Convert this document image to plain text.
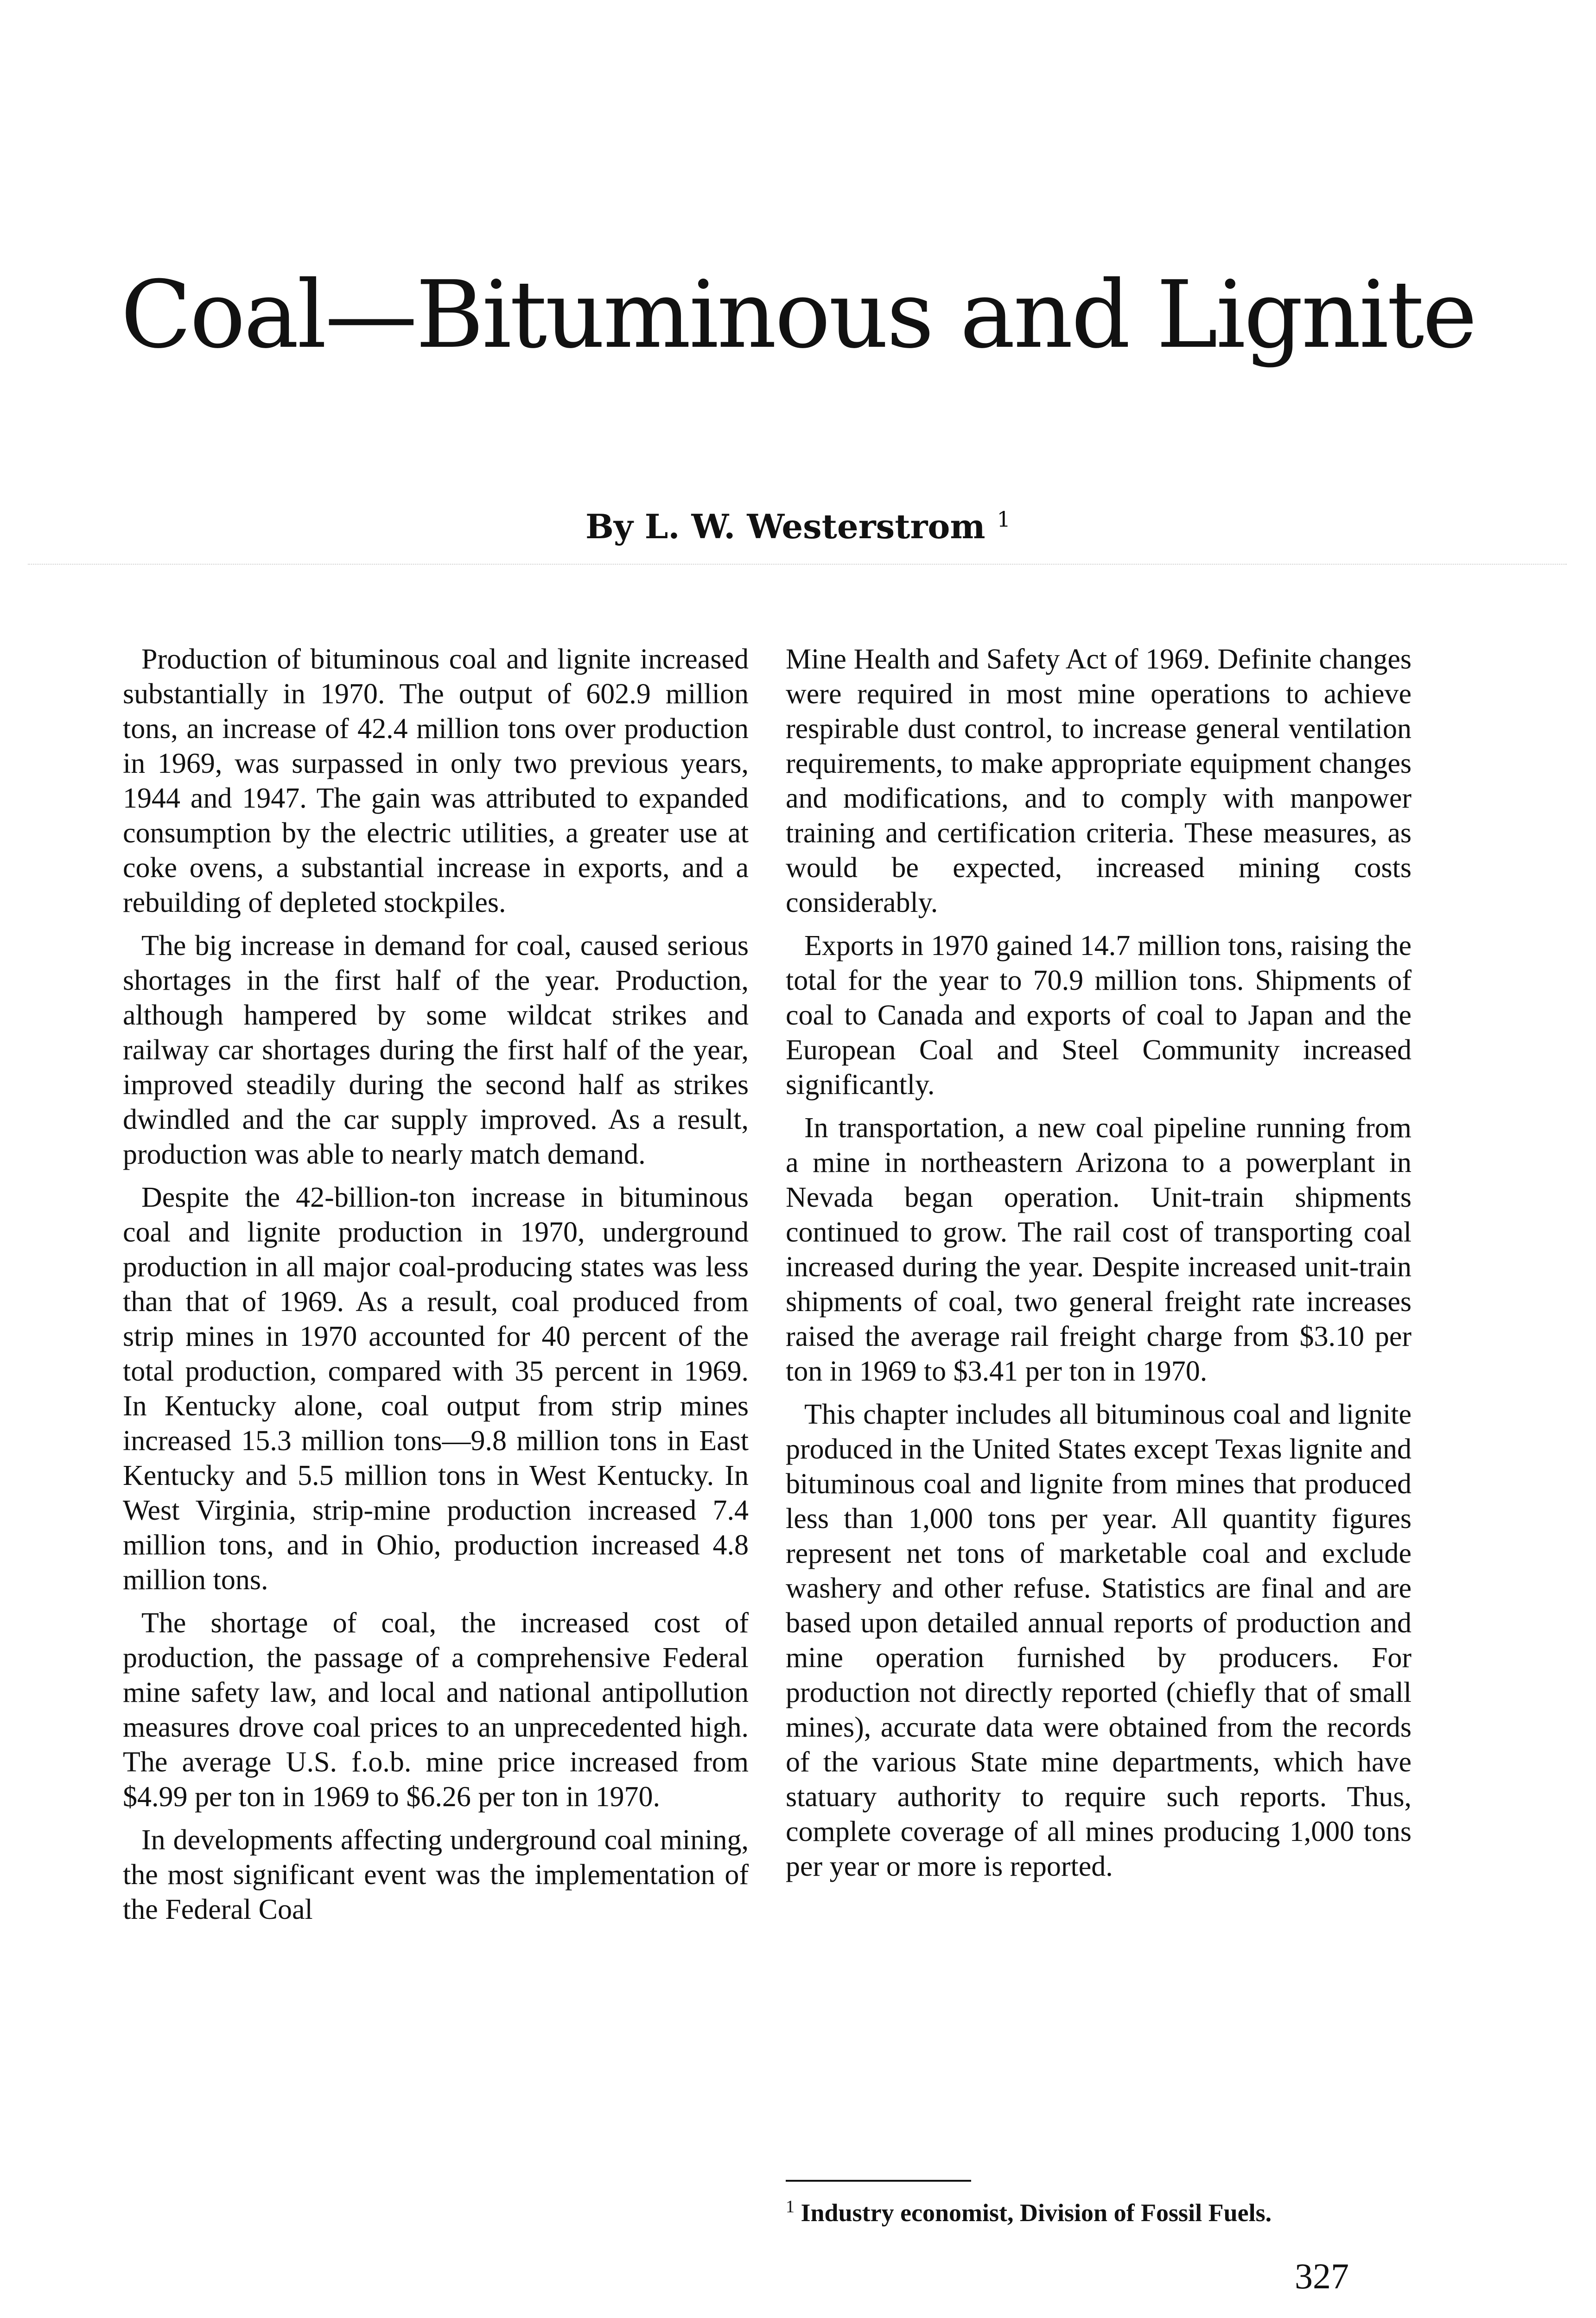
Coal—Bituminous and Lignite
By L. W. Westerstrom $^1$

Production of bituminous coal and lignite increased substantially in 1970. The output of 602.9 million tons, an increase of 42.4 million tons over production in 1969, was surpassed in only two previous years, 1944 and 1947. The gain was attributed to expanded consumption by the electric utilities, a greater use at coke ovens, a substantial increase in exports, and a rebuilding of depleted stockpiles.

The big increase in demand for coal, caused serious shortages in the first half of the year. Production, although hampered by some wildcat strikes and railway car shortages during the first half of the year, improved steadily during the second half as strikes dwindled and the car supply improved. As a result, production was able to nearly match demand.

Despite the 42-billion-ton increase in bituminous coal and lignite production in 1970, underground production in all major coal-producing states was less than that of 1969. As a result, coal produced from strip mines in 1970 accounted for 40 percent of the total production, compared with 35 percent in 1969. In Kentucky alone, coal output from strip mines increased 15.3 million tons—9.8 million tons in East Kentucky and 5.5 million tons in West Kentucky. In West Virginia, strip-mine production increased 7.4 million tons, and in Ohio, production increased 4.8 million tons.

The shortage of coal, the increased cost of production, the passage of a comprehensive Federal mine safety law, and local and national antipollution measures drove coal prices to an unprecedented high. The average U.S. f.o.b. mine price increased from $4.99 per ton in 1969 to $6.26 per ton in 1970.

In developments affecting underground coal mining, the most significant event was the implementation of the Federal Coal

Mine Health and Safety Act of 1969. Definite changes were required in most mine operations to achieve respirable dust control, to increase general ventilation requirements, to make appropriate equipment changes and modifications, and to comply with manpower training and certification criteria. These measures, as would be expected, increased mining costs considerably.

Exports in 1970 gained 14.7 million tons, raising the total for the year to 70.9 million tons. Shipments of coal to Canada and exports of coal to Japan and the European Coal and Steel Community increased significantly.

In transportation, a new coal pipeline running from a mine in northeastern Arizona to a powerplant in Nevada began operation. Unit-train shipments continued to grow. The rail cost of transporting coal increased during the year. Despite increased unit-train shipments of coal, two general freight rate increases raised the average rail freight charge from $3.10 per ton in 1969 to $3.41 per ton in 1970.

This chapter includes all bituminous coal and lignite produced in the United States except Texas lignite and bituminous coal and lignite from mines that produced less than 1,000 tons per year. All quantity figures represent net tons of marketable coal and exclude washery and other refuse. Statistics are final and are based upon detailed annual reports of production and mine operation furnished by producers. For production not directly reported (chiefly that of small mines), accurate data were obtained from the records of the various State mine departments, which have statuary authority to require such reports. Thus, complete coverage of all mines producing 1,000 tons per year or more is reported.

$^1$ Industry economist, Division of Fossil Fuels.
327
